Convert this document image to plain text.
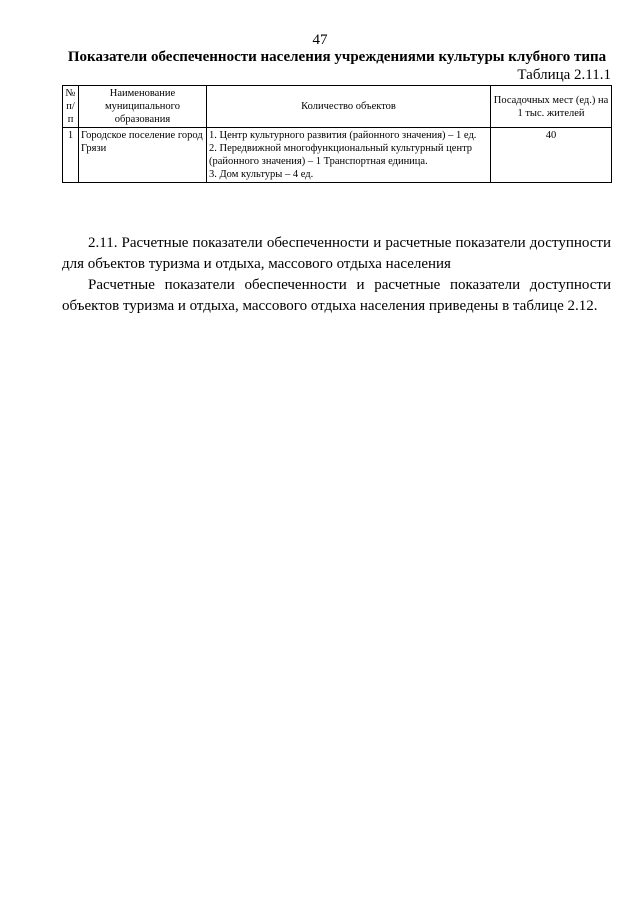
47
Показатели обеспеченности населения учреждениями культуры клубного типа
Таблица 2.11.1
№ п/п	Наименование муниципального образования	Количество объектов	Посадочных мест (ед.) на 1 тыс. жителей
1	Городское поселение город Грязи	1. Центр культурного развития (районного значения) – 1 ед.
2. Передвижной многофункциональный культурный центр (районного значения) – 1 Транспортная единица.
3. Дом культуры – 4 ед.	40

2.11. Расчетные показатели обеспеченности и расчетные показатели доступности для объектов туризма и отдыха, массового отдыха населения

Расчетные показатели обеспеченности и расчетные показатели доступности объектов туризма и отдыха, массового отдыха населения приведены в таблице 2.12.
